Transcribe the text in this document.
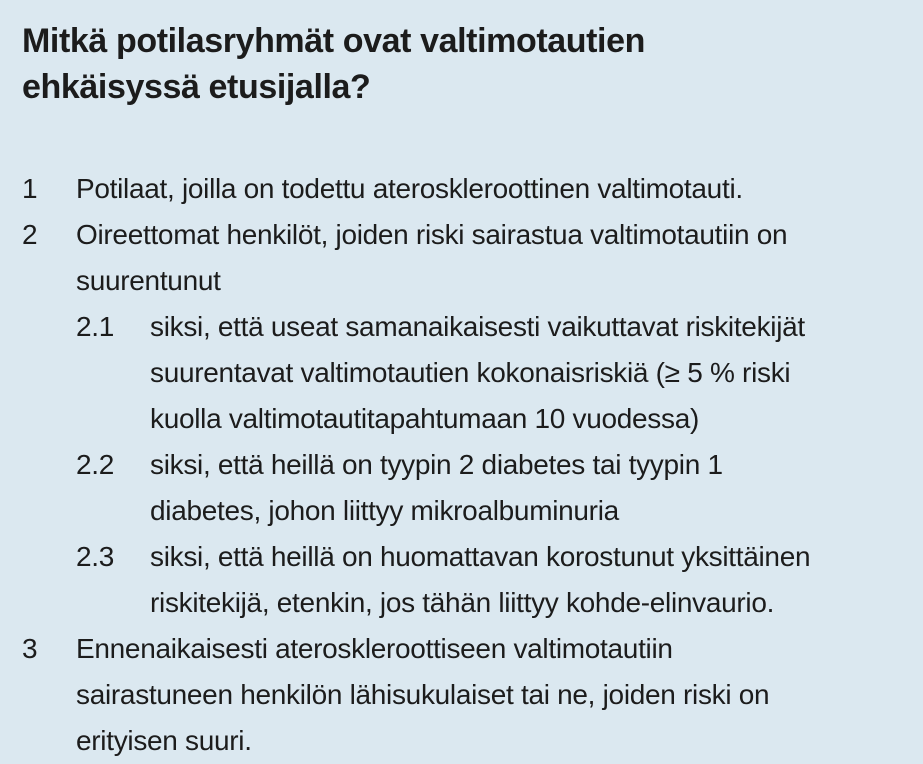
Mitkä potilasryhmät ovat valtimotautien
ehkäisyssä etusijalla?
1	Potilaat, joilla on todettu ateroskleroottinen valtimotauti.
2	Oireettomat henkilöt, joiden riski sairastua valtimotautiin on
suurentunut
2.1	siksi, että useat samanaikaisesti vaikuttavat riskitekijät
suurentavat valtimotautien kokonaisriskiä (≥ 5 % riski
kuolla valtimotautitapahtumaan 10 vuodessa)
2.2	siksi, että heillä on tyypin 2 diabetes tai tyypin 1
diabetes, johon liittyy mikroalbuminuria
2.3	siksi, että heillä on huomattavan korostunut yksittäinen
riskitekijä, etenkin, jos tähän liittyy kohde-elinvaurio.
3	Ennenaikaisesti ateroskleroottiseen valtimotautiin
sairastuneen henkilön lähisukulaiset tai ne, joiden riski on
erityisen suuri.
